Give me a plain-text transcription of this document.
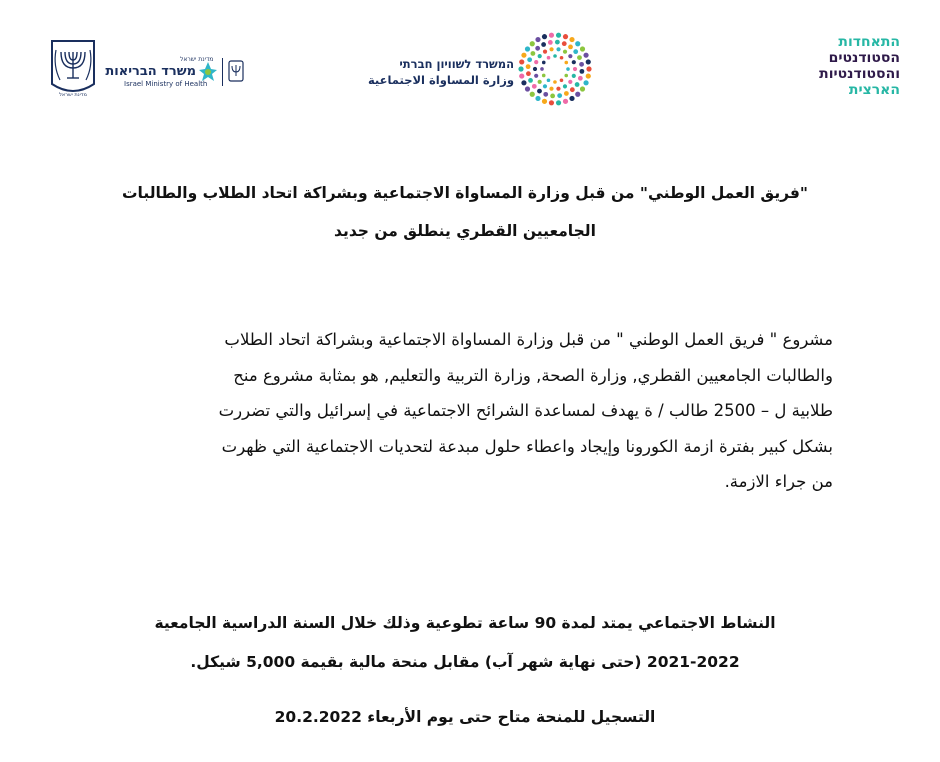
מדינת ישראל
מדינת ישראל
משרד הבריאות
Israel Ministry of Health
המשרד לשוויון חברתי
وزارة المساواة الاجتماعية
התאחדות
הסטודנטים
והסטודנטיות
הארצית
"فريق العمل الوطني" من قبل وزارة المساواة الاجتماعية وبشراكة اتحاد الطلاب والطالبات
الجامعيين القطري ينطلق من جديد
مشروع " فريق العمل الوطني " من قبل وزارة المساواة الاجتماعية وبشراكة اتحاد الطلاب
والطالبات الجامعيين القطري, وزارة الصحة, وزارة التربية والتعليم, هو بمثابة مشروع منح
طلابية ل – 2500 طالب / ة يهدف لمساعدة الشرائح الاجتماعية في إسرائيل والتي تضررت
بشكل كبير بفترة ازمة الكورونا وإيجاد واعطاء حلول مبدعة لتحديات الاجتماعية التي ظهرت
من جراء الازمة.
النشاط الاجتماعي يمتد لمدة 90 ساعة تطوعية وذلك خلال السنة الدراسية الجامعية
2021-2022 (حتى نهاية شهر آب) مقابل منحة مالية بقيمة 5,000 شيكل.
التسجيل للمنحة متاح حتى يوم الأربعاء 20.2.2022
